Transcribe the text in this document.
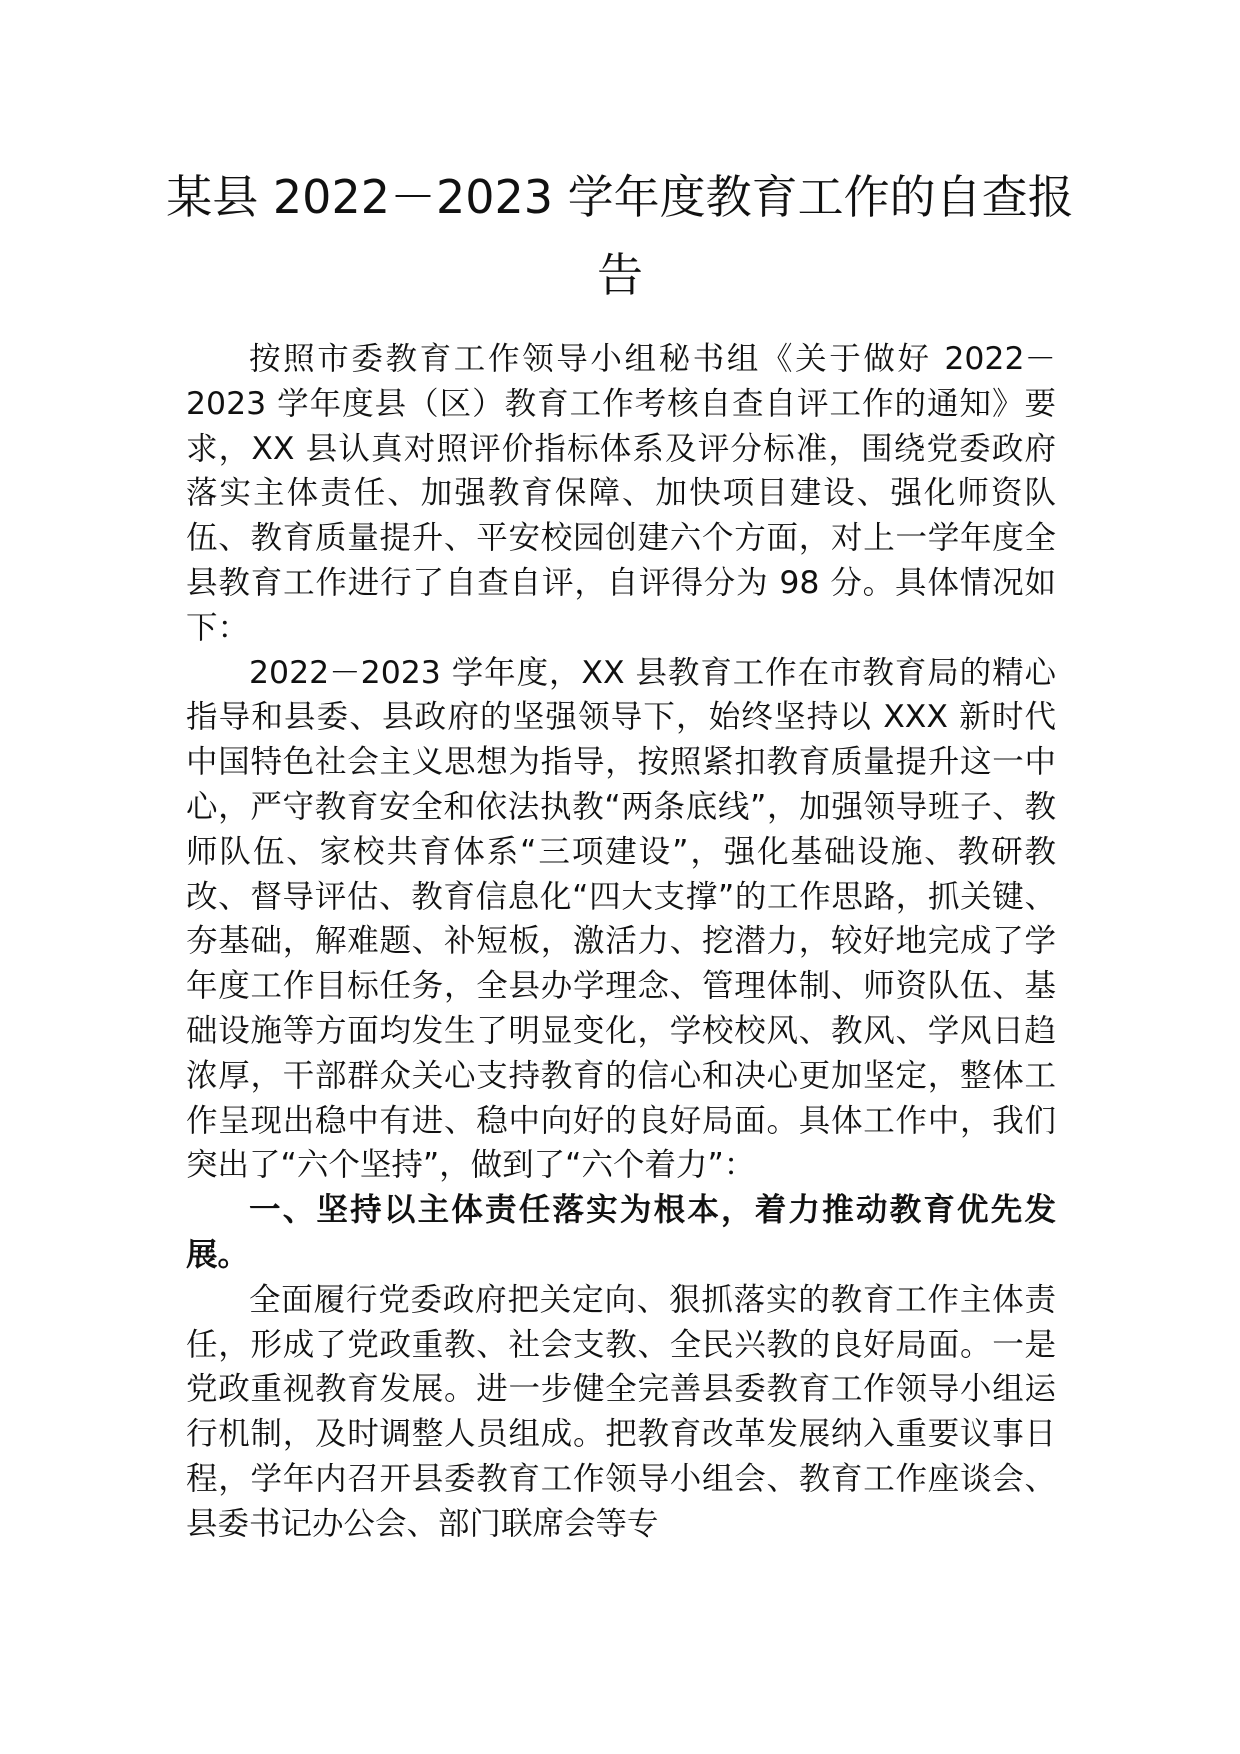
某县 2022－2023 学年度教育工作的自查报告

按照市委教育工作领导小组秘书组《关于做好 2022－2023 学年度县（区）教育工作考核自查自评工作的通知》要求，XX 县认真对照评价指标体系及评分标准，围绕党委政府落实主体责任、加强教育保障、加快项目建设、强化师资队伍、教育质量提升、平安校园创建六个方面，对上一学年度全县教育工作进行了自查自评，自评得分为 98 分。具体情况如下：

2022－2023 学年度，XX 县教育工作在市教育局的精心指导和县委、县政府的坚强领导下，始终坚持以 XXX 新时代中国特色社会主义思想为指导，按照紧扣教育质量提升这一中心，严守教育安全和依法执教“两条底线”，加强领导班子、教师队伍、家校共育体系“三项建设”，强化基础设施、教研教改、督导评估、教育信息化“四大支撑”的工作思路，抓关键、夯基础，解难题、补短板，激活力、挖潜力，较好地完成了学年度工作目标任务，全县办学理念、管理体制、师资队伍、基础设施等方面均发生了明显变化，学校校风、教风、学风日趋浓厚，干部群众关心支持教育的信心和决心更加坚定，整体工作呈现出稳中有进、稳中向好的良好局面。具体工作中，我们突出了“六个坚持”，做到了“六个着力”：

一、坚持以主体责任落实为根本，着力推动教育优先发展。

全面履行党委政府把关定向、狠抓落实的教育工作主体责任，形成了党政重教、社会支教、全民兴教的良好局面。一是党政重视教育发展。进一步健全完善县委教育工作领导小组运行机制，及时调整人员组成。把教育改革发展纳入重要议事日程，学年内召开县委教育工作领导小组会、教育工作座谈会、县委书记办公会、部门联席会等专
